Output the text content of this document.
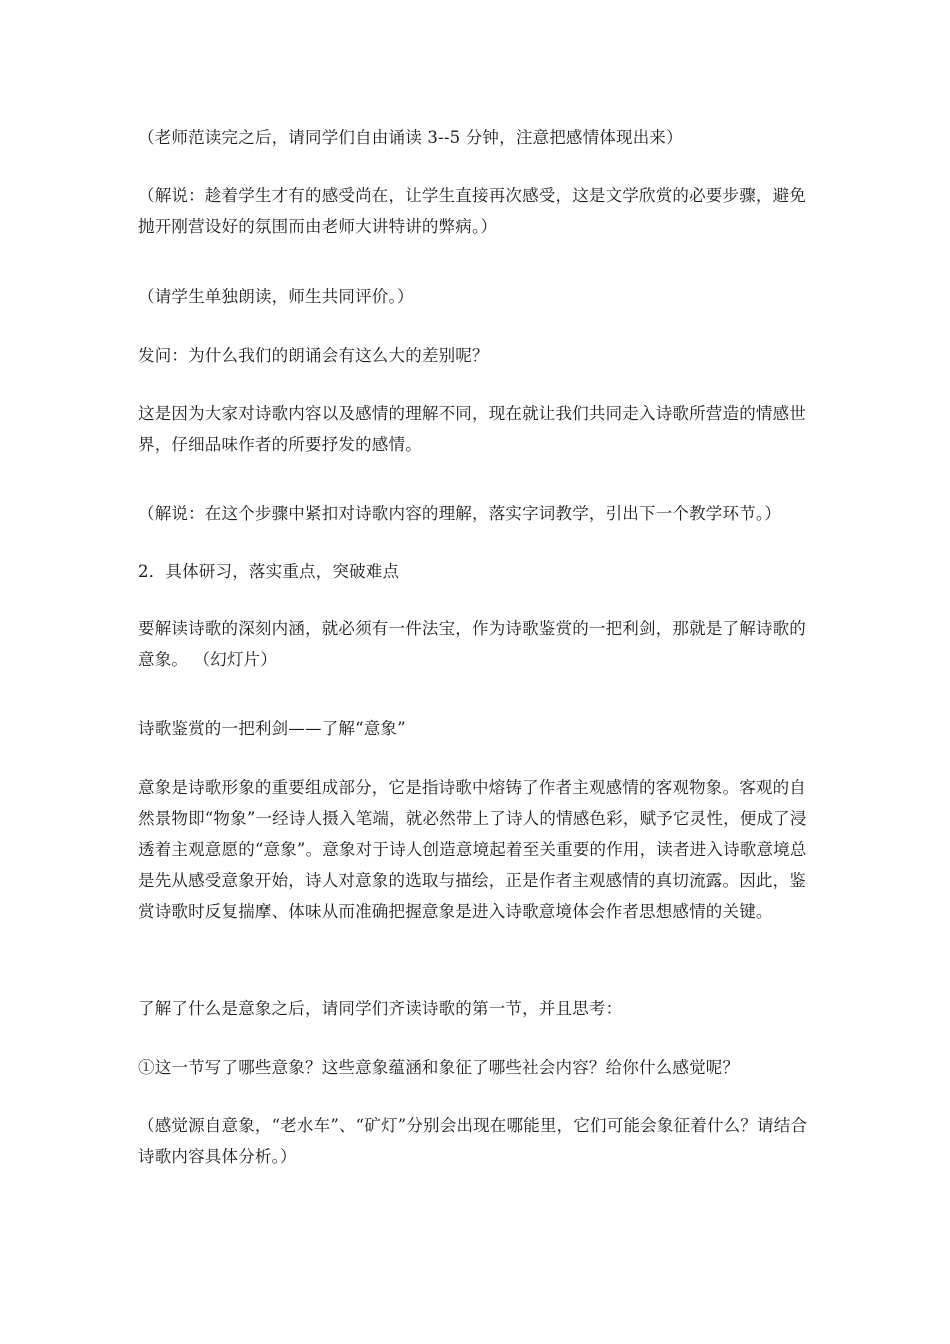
（老师范读完之后，请同学们自由诵读 3--5 分钟，注意把感情体现出来）

（解说：趁着学生才有的感受尚在，让学生直接再次感受，这是文学欣赏的必要步骤，避免抛开刚营设好的氛围而由老师大讲特讲的弊病。）

（请学生单独朗读，师生共同评价。）

发问：为什么我们的朗诵会有这么大的差别呢？

这是因为大家对诗歌内容以及感情的理解不同，现在就让我们共同走入诗歌所营造的情感世界，仔细品味作者的所要抒发的感情。

（解说：在这个步骤中紧扣对诗歌内容的理解，落实字词教学，引出下一个教学环节。）

2．具体研习，落实重点，突破难点

要解读诗歌的深刻内涵，就必须有一件法宝，作为诗歌鉴赏的一把利剑，那就是了解诗歌的意象。 （幻灯片）

诗歌鉴赏的一把利剑——了解“意象”

意象是诗歌形象的重要组成部分，它是指诗歌中熔铸了作者主观感情的客观物象。客观的自然景物即“物象”一经诗人摄入笔端，就必然带上了诗人的情感色彩，赋予它灵性，便成了浸透着主观意愿的“意象”。意象对于诗人创造意境起着至关重要的作用，读者进入诗歌意境总是先从感受意象开始，诗人对意象的选取与描绘，正是作者主观感情的真切流露。因此，鉴赏诗歌时反复揣摩、体味从而准确把握意象是进入诗歌意境体会作者思想感情的关键。

了解了什么是意象之后，请同学们齐读诗歌的第一节，并且思考：

①这一节写了哪些意象？这些意象蕴涵和象征了哪些社会内容？给你什么感觉呢？

（感觉源自意象，“老水车”、“矿灯”分别会出现在哪能里，它们可能会象征着什么？请结合诗歌内容具体分析。）
